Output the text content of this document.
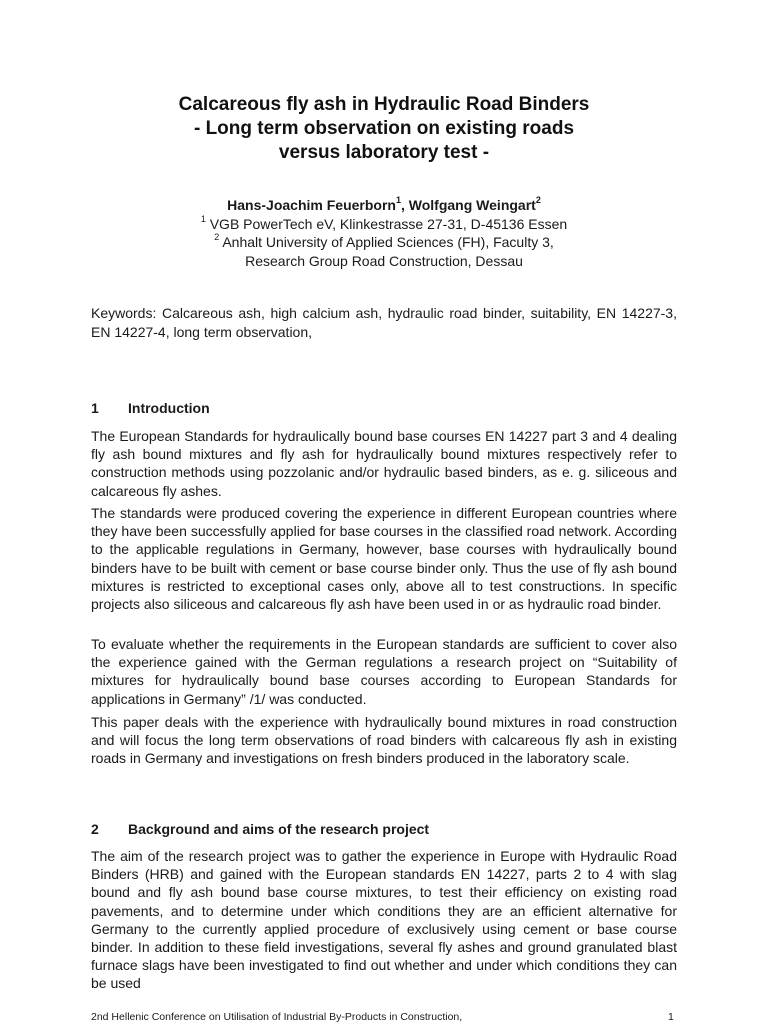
Calcareous fly ash in Hydraulic Road Binders
- Long term observation on existing roads
versus laboratory test -
Hans-Joachim Feuerborn$^1$, Wolfgang Weingart$^2$
$^1$ VGB PowerTech eV, Klinkestrasse 27-31, D-45136 Essen
$^2$ Anhalt University of Applied Sciences (FH), Faculty 3,
Research Group Road Construction, Dessau
Keywords: Calcareous ash, high calcium ash, hydraulic road binder, suitability, EN 14227-3, EN 14227-4, long term observation,
1 Introduction

The European Standards for hydraulically bound base courses EN 14227 part 3 and 4 dealing fly ash bound mixtures and fly ash for hydraulically bound mixtures respectively refer to construction methods using pozzolanic and/or hydraulic based binders, as e. g. siliceous and calcareous fly ashes.

The standards were produced covering the experience in different European countries where they have been successfully applied for base courses in the classified road network. According to the applicable regulations in Germany, however, base courses with hydraulically bound binders have to be built with cement or base course binder only. Thus the use of fly ash bound mixtures is restricted to exceptional cases only, above all to test constructions. In specific projects also siliceous and calcareous fly ash have been used in or as hydraulic road binder.

To evaluate whether the requirements in the European standards are sufficient to cover also the experience gained with the German regulations a research project on “Suitability of mixtures for hydraulically bound base courses according to European Standards for applications in Germany” /1/ was conducted.

This paper deals with the experience with hydraulically bound mixtures in road construction and will focus the long term observations of road binders with calcareous fly ash in existing roads in Germany and investigations on fresh binders produced in the laboratory scale.

2 Background and aims of the research project

The aim of the research project was to gather the experience in Europe with Hydraulic Road Binders (HRB) and gained with the European standards EN 14227, parts 2 to 4 with slag bound and fly ash bound base course mixtures, to test their efficiency on existing road pavements, and to determine under which conditions they are an efficient alternative for Germany to the currently applied procedure of exclusively using cement or base course binder. In addition to these field investigations, several fly ashes and ground granulated blast furnace slags have been investigated to find out whether and under which conditions they can be used

2nd Hellenic Conference on Utilisation of Industrial By-Products in Construction,	1
